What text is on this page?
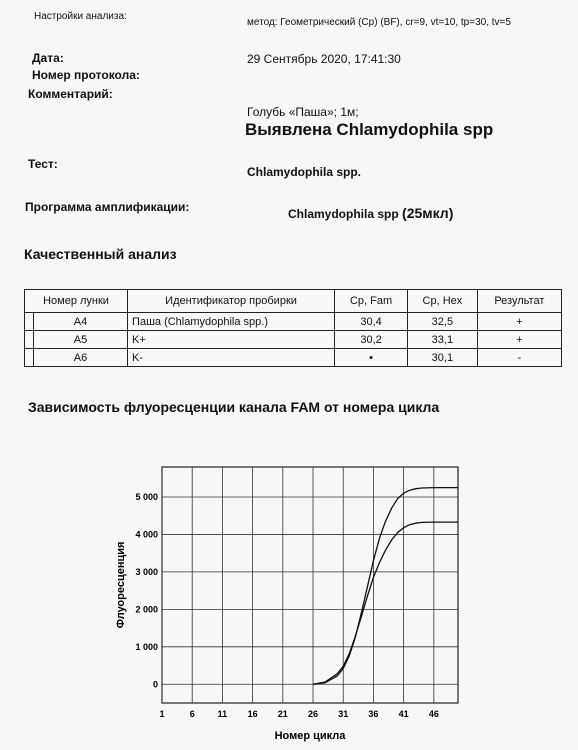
Настройки анализа:
метод: Геометрический (Cp) (BF), cr=9, vt=10, tp=30, tv=5
Дата:	29 Сентябрь 2020, 17:41:30
Номер протокола:
Комментарий:
Голубь «Паша»; 1м;
Выявлена Chlamydophila spp
Тест:
Chlamydophila spp.
Программа амплификации:	Chlamydophila spp (25мкл)
Качественный анализ
Номер лунки		Идентификатор пробирки	Cp, Fam	Cp, Hex	Результат
	A4	Паша (Chlamydophila spp.)	30,4	32,5	+
	A5	K+	30,2	33,1	+
	A6	K-	•	30,1	-
Зависимость флуоресценции канала FAM от номера цикла
1	6	11 16 21 26 31 36 41 46
0
1 000
2 000
3 000
4 000
5 000
Номер цикла
Флуоресценция
